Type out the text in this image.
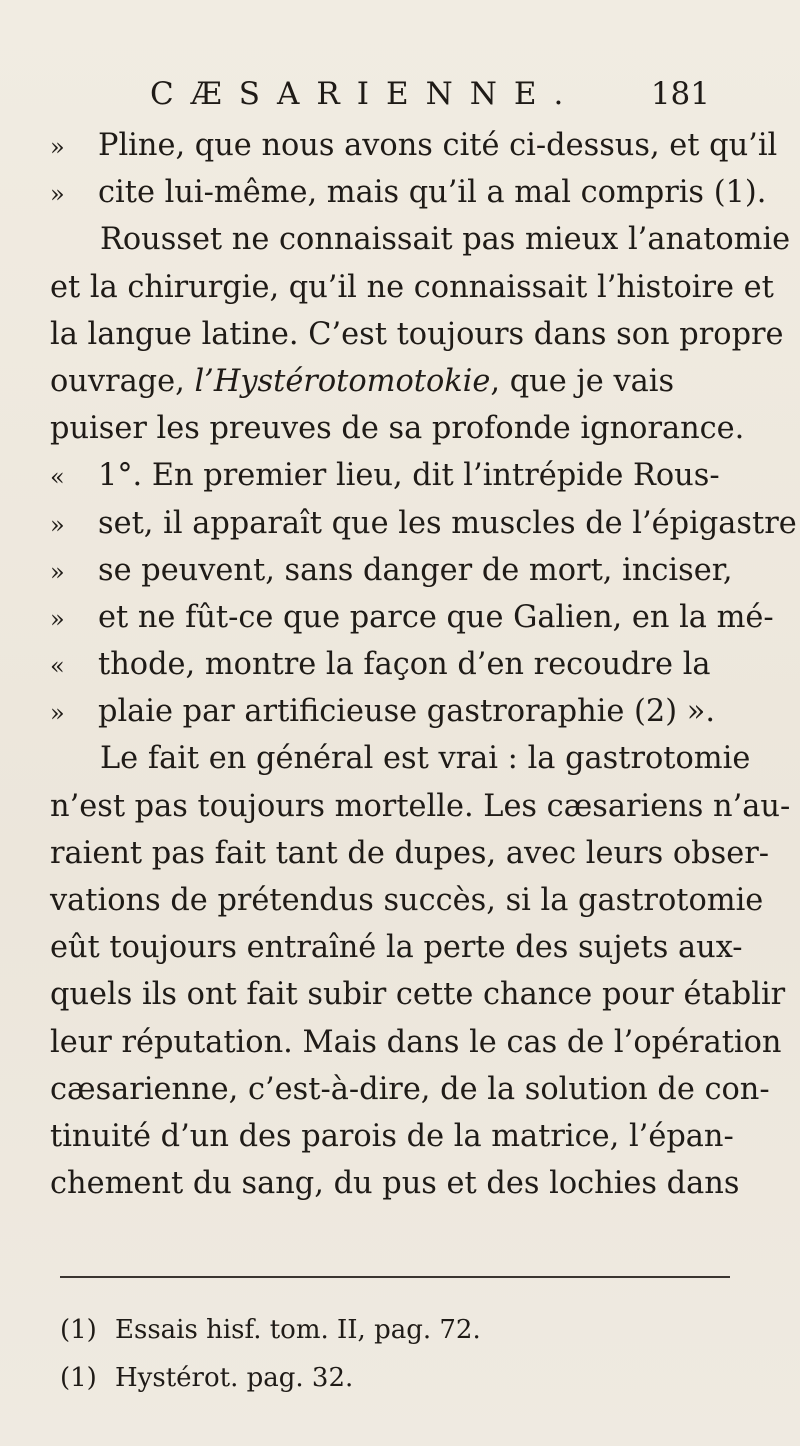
CÆSARIENNE. 181
» Pline, que nous avons cité ci-dessus, et qu’il
» cite lui-même, mais qu’il a mal compris (1).
Rousset ne connaissait pas mieux l’anatomie
et la chirurgie, qu’il ne connaissait l’histoire et
la langue latine. C’est toujours dans son propre
ouvrage, l’Hystérotomotokie, que je vais
puiser les preuves de sa profonde ignorance.
« 1°. En premier lieu, dit l’intrépide Rous-
» set, il apparaît que les muscles de l’épigastre
» se peuvent, sans danger de mort, inciser,
» et ne fût-ce que parce que Galien, en la mé-
« thode, montre la façon d’en recoudre la
» plaie par artificieuse gastroraphie (2) ».
Le fait en général est vrai : la gastrotomie
n’est pas toujours mortelle. Les cæsariens n’au-
raient pas fait tant de dupes, avec leurs obser-
vations de prétendus succès, si la gastrotomie
eût toujours entraîné la perte des sujets aux-
quels ils ont fait subir cette chance pour établir
leur réputation. Mais dans le cas de l’opération
cæsarienne, c’est-à-dire, de la solution de con-
tinuité d’un des parois de la matrice, l’épan-
chement du sang, du pus et des lochies dans
(1) Essais hisf. tom. II, pag. 72.
(1) Hystérot. pag. 32.
